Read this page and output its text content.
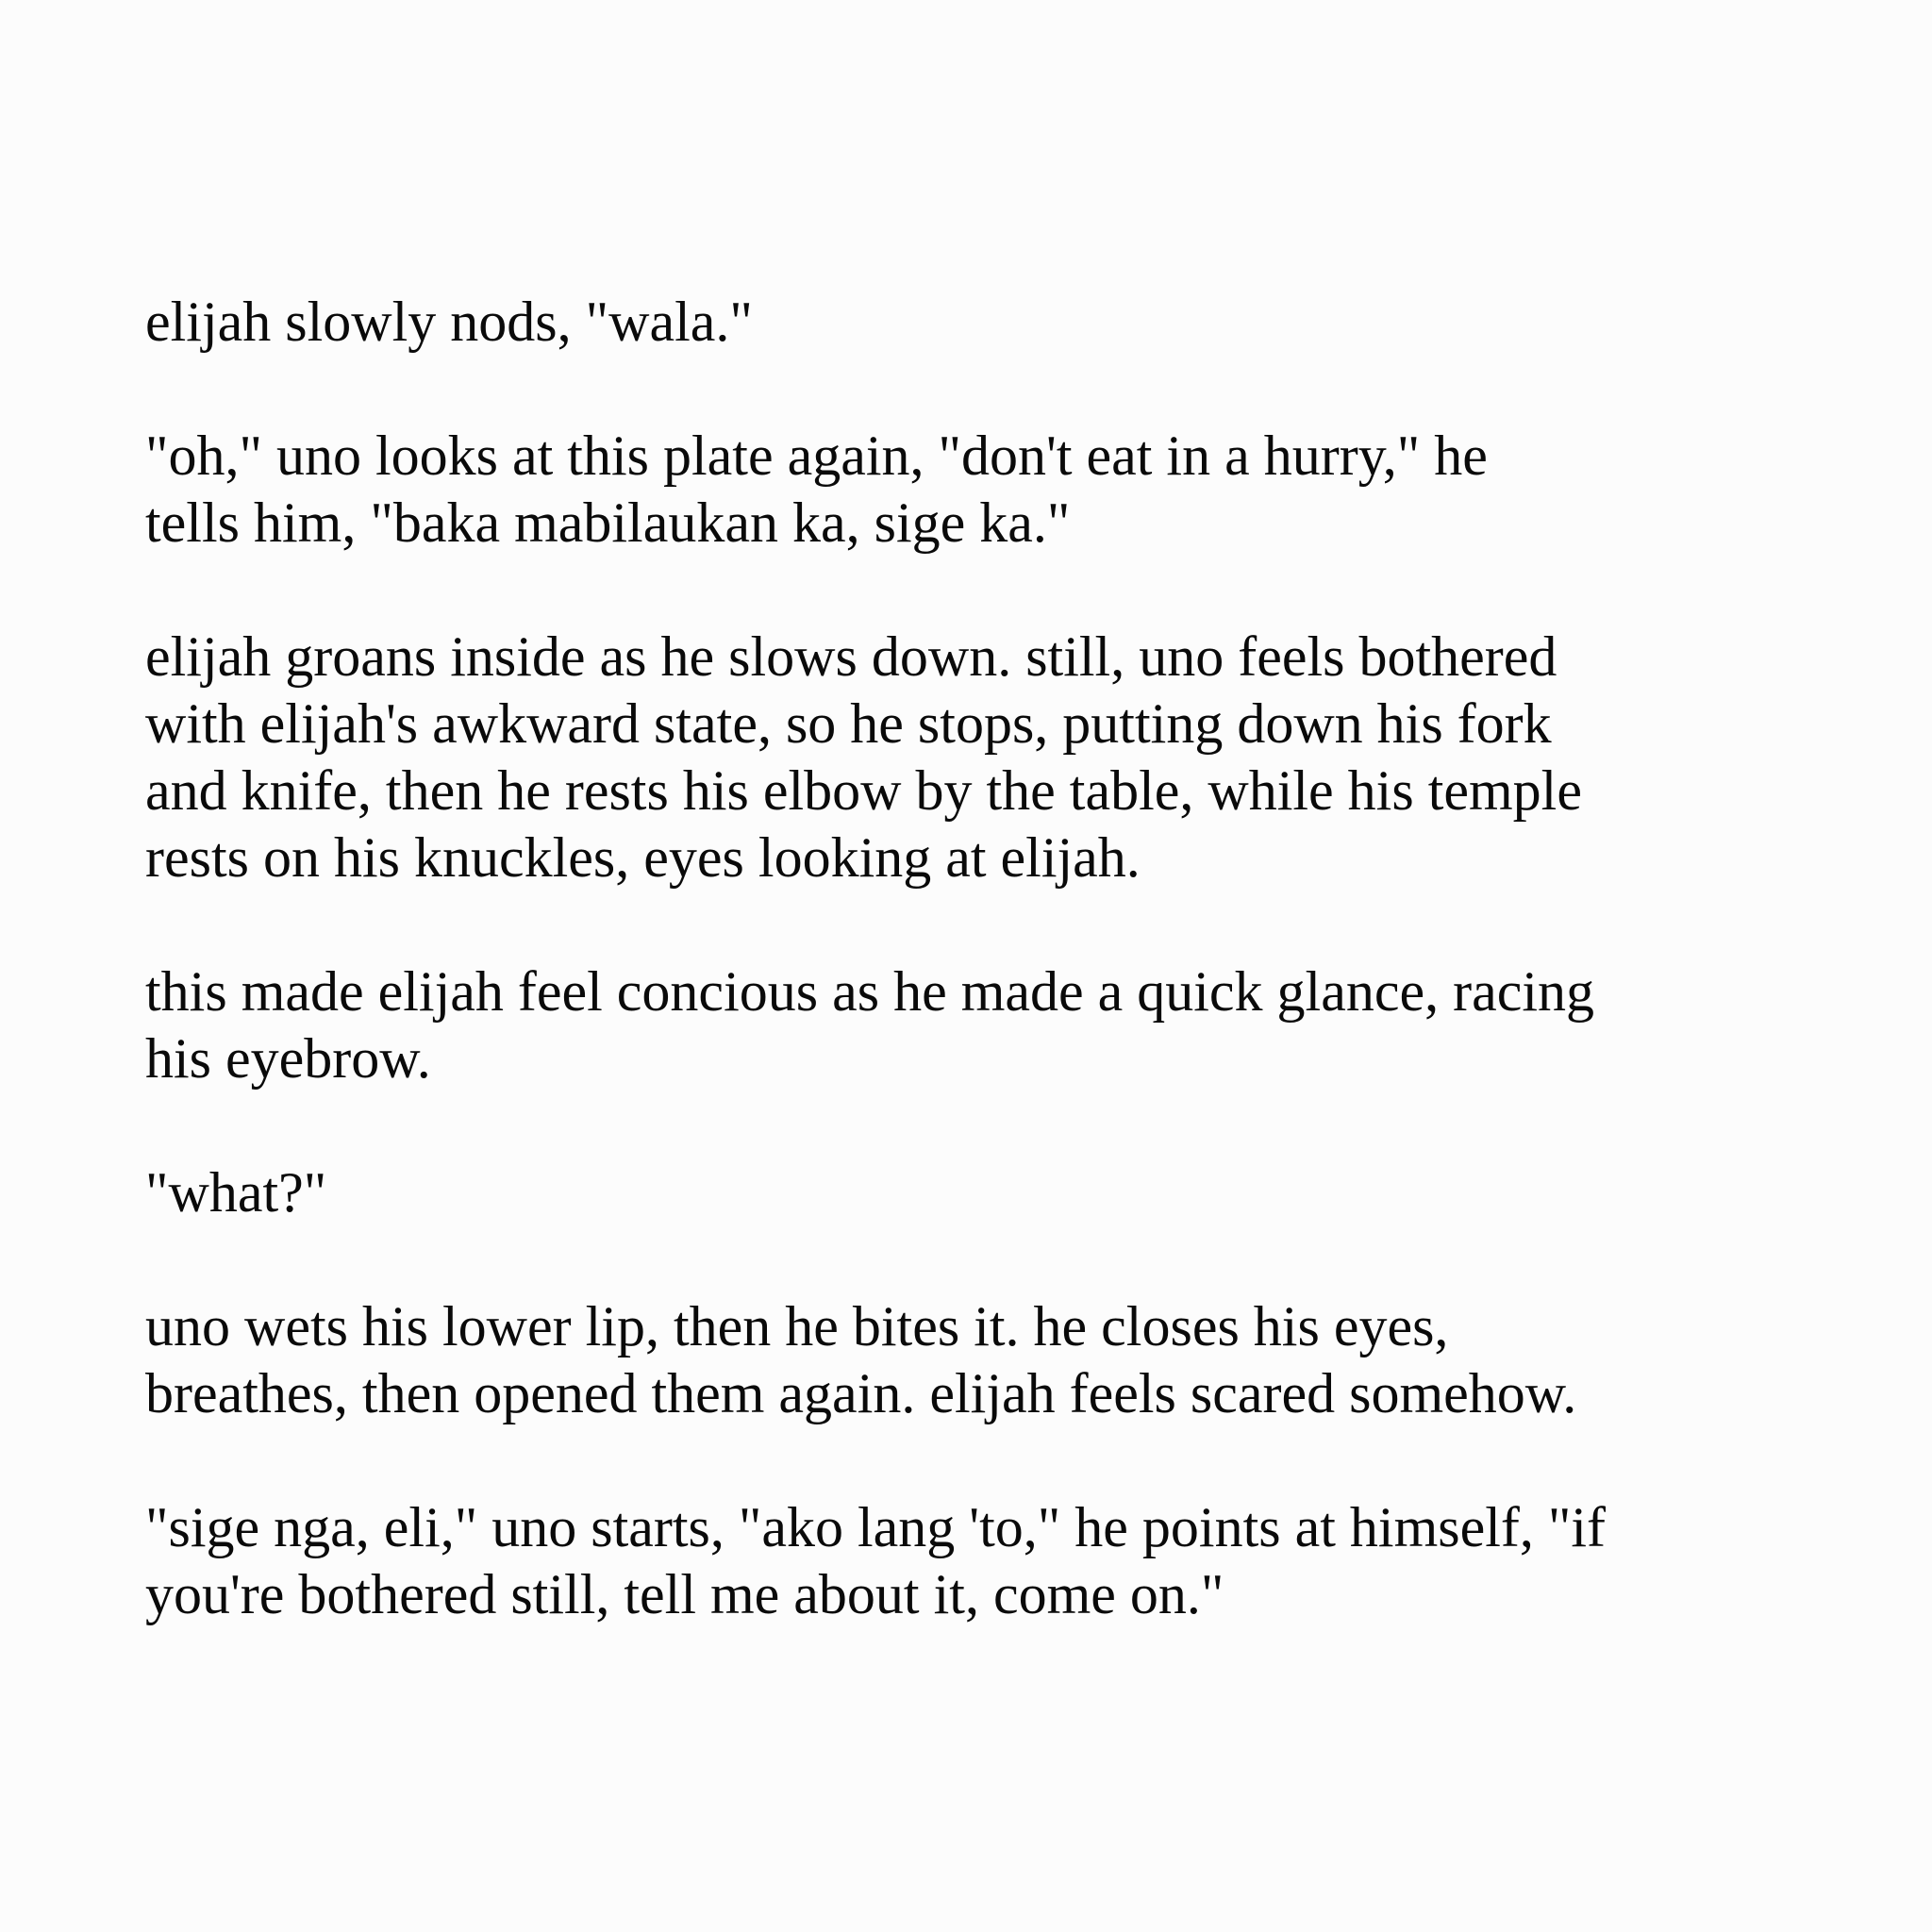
elijah slowly nods, "wala."

"oh," uno looks at this plate again, "don't eat in a hurry," he
tells him, "baka mabilaukan ka, sige ka."

elijah groans inside as he slows down. still, uno feels bothered
with elijah's awkward state, so he stops, putting down his fork
and knife, then he rests his elbow by the table, while his temple
rests on his knuckles, eyes looking at elijah.

this made elijah feel concious as he made a quick glance, racing
his eyebrow.

"what?"

uno wets his lower lip, then he bites it. he closes his eyes,
breathes, then opened them again. elijah feels scared somehow.

"sige nga, eli," uno starts, "ako lang 'to," he points at himself, "if
you're bothered still, tell me about it, come on."
